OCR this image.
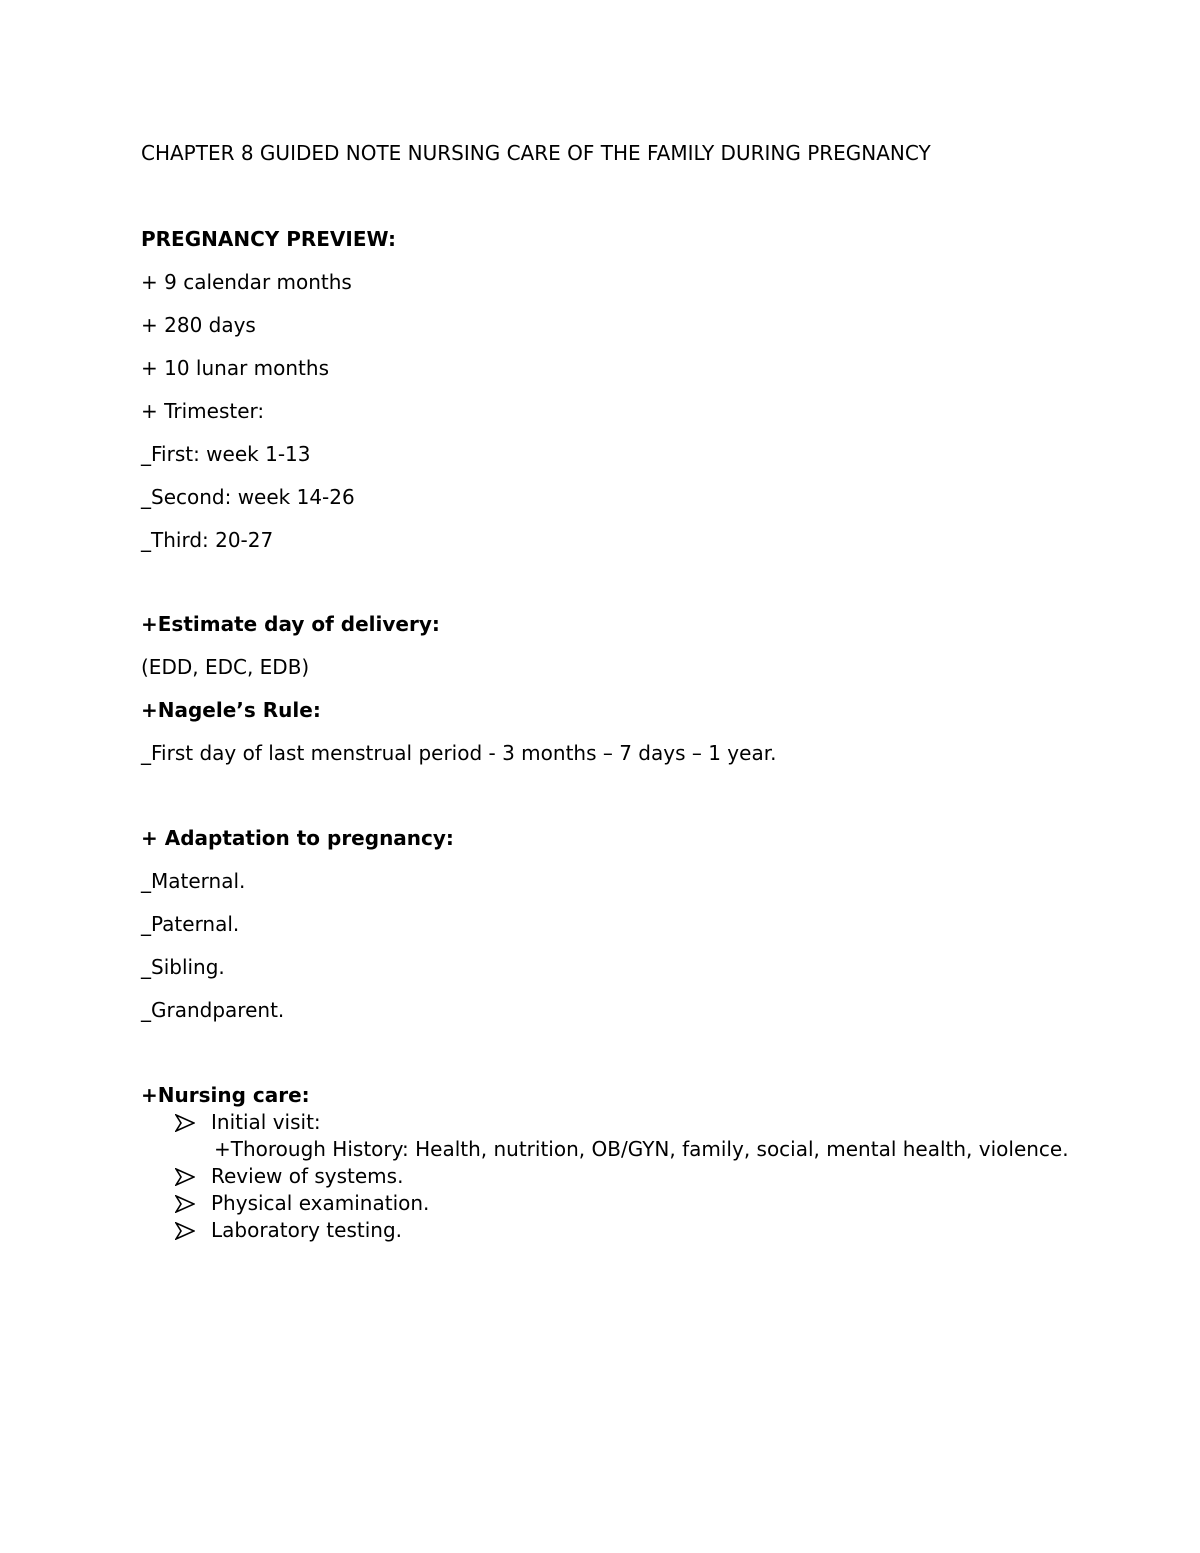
CHAPTER 8 GUIDED NOTE NURSING CARE OF THE FAMILY DURING PREGNANCY

PREGNANCY PREVIEW:

+ 9 calendar months

+ 280 days

+ 10 lunar months

+ Trimester:

_First: week 1-13

_Second: week 14-26

_Third: 20-27

+Estimate day of delivery:

(EDD, EDC, EDB)

+Nagele’s Rule:

_First day of last menstrual period - 3 months – 7 days – 1 year.

+ Adaptation to pregnancy:

_Maternal.

_Paternal.

_Sibling.

_Grandparent.

+Nursing care:

Initial visit:
+Thorough History: Health, nutrition, OB/GYN, family, social, mental health, violence.
Review of systems.
Physical examination.
Laboratory testing.
